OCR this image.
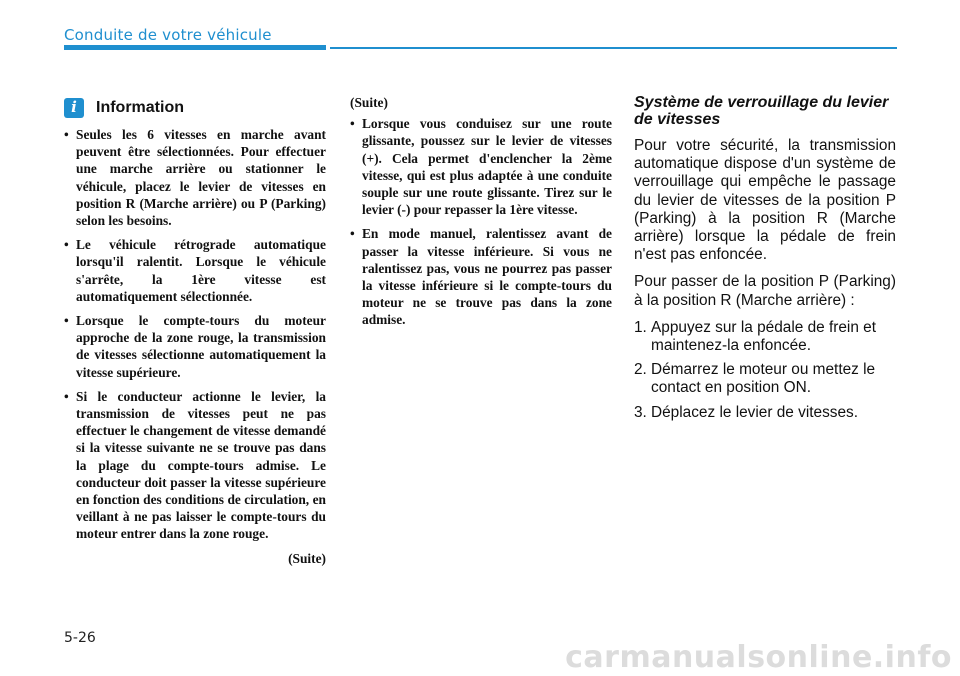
Conduite de votre véhicule
i Information
• Seules les 6 vitesses en marche avant peuvent être sélectionnées. Pour effectuer une marche arrière ou stationner le véhicule, placez le levier de vitesses en position R (Marche arrière) ou P (Parking) selon les besoins.
• Le véhicule rétrograde automatique lorsqu'il ralentit. Lorsque le véhicule s'arrête, la 1ère vitesse est automatiquement sélectionnée.
• Lorsque le compte-tours du moteur approche de la zone rouge, la transmission de vitesses sélectionne automatiquement la vitesse supérieure.
• Si le conducteur actionne le levier, la transmission de vitesses peut ne pas effectuer le changement de vitesse demandé si la vitesse suivante ne se trouve pas dans la plage du compte-tours admise. Le conducteur doit passer la vitesse supérieure en fonction des conditions de circulation, en veillant à ne pas laisser le compte-tours du moteur entrer dans la zone rouge.
(Suite)
(Suite)
• Lorsque vous conduisez sur une route glissante, poussez sur le levier de vitesses (+). Cela permet d'enclencher la 2ème vitesse, qui est plus adaptée à une conduite souple sur une route glissante. Tirez sur le levier (-) pour repasser la 1ère vitesse.
• En mode manuel, ralentissez avant de passer la vitesse inférieure. Si vous ne ralentissez pas, vous ne pourrez pas passer la vitesse inférieure si le compte-tours du moteur ne se trouve pas dans la zone admise.
Système de verrouillage du levier de vitesses

Pour votre sécurité, la transmission automatique dispose d'un système de verrouillage qui empêche le passage du levier de vitesses de la position P (Parking) à la position R (Marche arrière) lorsque la pédale de frein n'est pas enfoncée.

Pour passer de la position P (Parking) à la position R (Marche arrière) :

1. Appuyez sur la pédale de frein et maintenez-la enfoncée.
2. Démarrez le moteur ou mettez le contact en position ON.
3. Déplacez le levier de vitesses.
5-26
carmanualsonline.info
